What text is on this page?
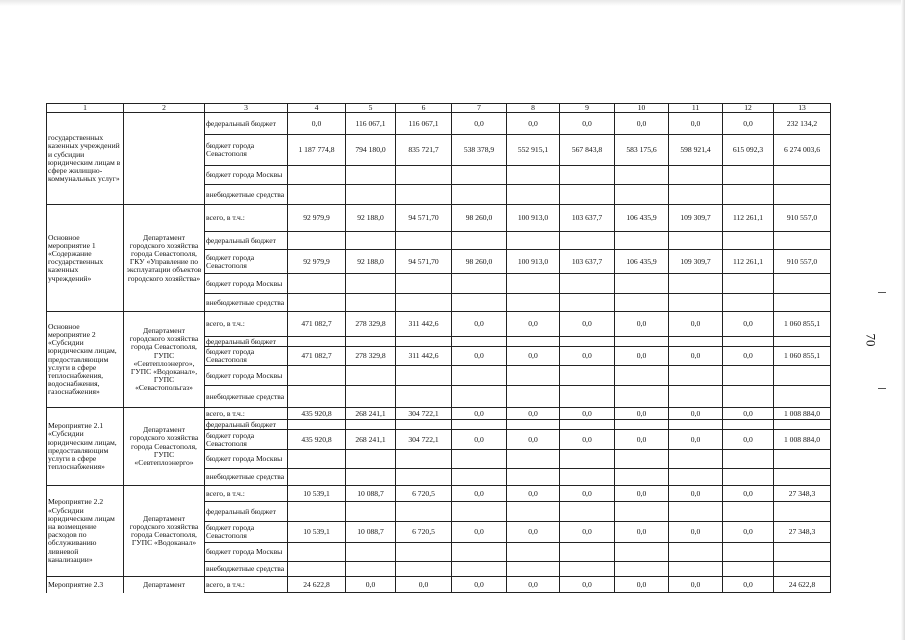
70
1	2	3	4	5	6	7	8	9	10	11	12	13
государственных казенных учреждений и субсидии юридическим лицам в сфере жилищно-коммунальных услуг»		федеральный бюджет	0,0	116 067,1	116 067,1	0,0	0,0	0,0	0,0	0,0	0,0	232 134,2
		бюджет города Севастополя	1 187 774,8	794 180,0	835 721,7	538 378,9	552 915,1	567 843,8	583 175,6	598 921,4	615 092,3	6 274 003,6
		бюджет города Москвы										
		внебюджетные средства										
Основное мероприятие 1 «Содержание государственных казенных учреждений»	Департамент городского хозяйства города Севастополя, ГКУ «Управление по эксплуатации объектов городского хозяйства»	всего, в т.ч.:	92 979,9	92 188,0	94 571,70	98 260,0	100 913,0	103 637,7	106 435,9	109 309,7	112 261,1	910 557,0
		федеральный бюджет										
		бюджет города Севастополя	92 979,9	92 188,0	94 571,70	98 260,0	100 913,0	103 637,7	106 435,9	109 309,7	112 261,1	910 557,0
		бюджет города Москвы										
		внебюджетные средства										
Основное мероприятие 2 «Субсидии юридическим лицам, предоставляющим услуги в сфере теплоснабжения, водоснабжения, газоснабжения»	Департамент городского хозяйства города Севастополя, ГУПС «Севтеплоэнерго», ГУПС «Водоканал», ГУПС «Севастопольгаз»	всего, в т.ч.:	471 082,7	278 329,8	311 442,6	0,0	0,0	0,0	0,0	0,0	0,0	1 060 855,1
		федеральный бюджет										
		бюджет города Севастополя	471 082,7	278 329,8	311 442,6	0,0	0,0	0,0	0,0	0,0	0,0	1 060 855,1
		бюджет города Москвы										
		внебюджетные средства										
Мероприятие 2.1 «Субсидии юридическим лицам, предоставляющим услуги в сфере теплоснабжения»	Департамент городского хозяйства города Севастополя, ГУПС «Севтеплоэнерго»	всего, в т.ч.:	435 920,8	268 241,1	304 722,1	0,0	0,0	0,0	0,0	0,0	0,0	1 008 884,0
		федеральный бюджет										
		бюджет города Севастополя	435 920,8	268 241,1	304 722,1	0,0	0,0	0,0	0,0	0,0	0,0	1 008 884,0
		бюджет города Москвы										
		внебюджетные средства										
Мероприятие 2.2 «Субсидии юридическим лицам на возмещение расходов по обслуживанию ливневой канализации»	Департамент городского хозяйства города Севастополя, ГУПС «Водоканал»	всего, в т.ч.:	10 539,1	10 088,7	6 720,5	0,0	0,0	0,0	0,0	0,0	0,0	27 348,3
		федеральный бюджет										
		бюджет города Севастополя	10 539,1	10 088,7	6 720,5	0,0	0,0	0,0	0,0	0,0	0,0	27 348,3
		бюджет города Москвы										
		внебюджетные средства										
Мероприятие 2.3	Департамент	всего, в т.ч.:	24 622,8	0,0	0,0	0,0	0,0	0,0	0,0	0,0	0,0	24 622,8
